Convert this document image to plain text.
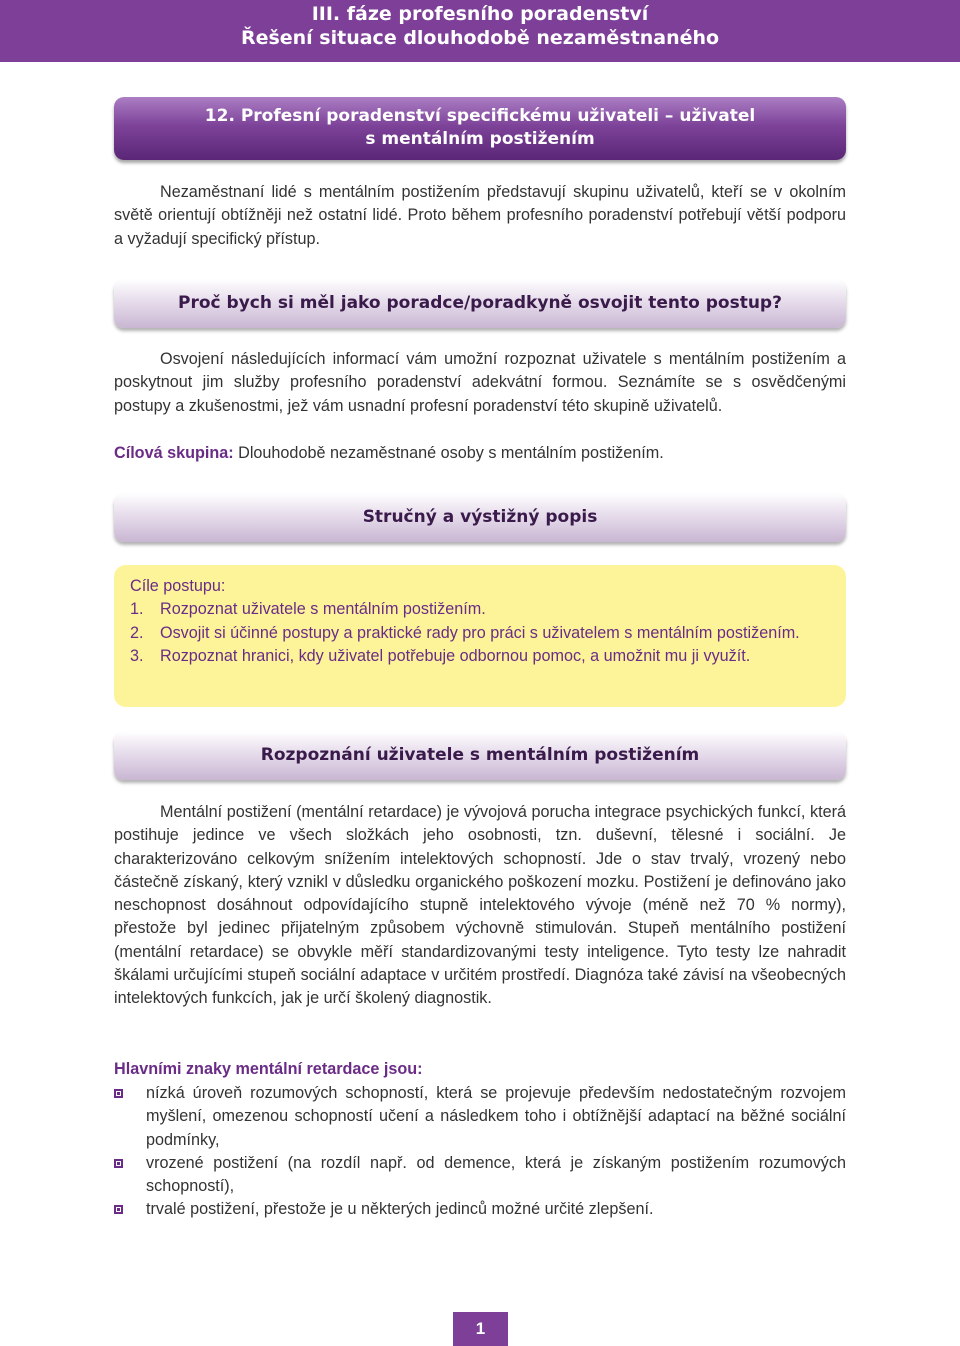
III. fáze profesního poradenství
Řešení situace dlouhodobě nezaměstnaného
12. Profesní poradenství specifickému uživateli – uživatel
s mentálním postižením

Nezaměstnaní lidé s mentálním postižením představují skupinu uživatelů, kteří se v okolním světě orientují obtížněji než ostatní lidé. Proto během profesního poradenství potřebují větší podporu a vyžadují specifický přístup.

Proč bych si měl jako poradce/poradkyně osvojit tento postup?

Osvojení následujících informací vám umožní rozpoznat uživatele s mentálním postižením a poskytnout jim služby profesního poradenství adekvátní formou. Seznámíte se s osvědčenými postupy a zkušenostmi, jež vám usnadní profesní poradenství této skupině uživatelů.

Cílová skupina: Dlouhodobě nezaměstnané osoby s mentálním postižením.

Stručný a výstižný popis
Cíle postupu:
1.	Rozpoznat uživatele s mentálním postižením.
2.	Osvojit si účinné postupy a praktické rady pro práci s uživatelem s mentálním postižením.
3.	Rozpoznat hranici, kdy uživatel potřebuje odbornou pomoc, a umožnit mu ji využít.
Rozpoznání uživatele s mentálním postižením

Mentální postižení (mentální retardace) je vývojová porucha integrace psychických funkcí, která postihuje jedince ve všech složkách jeho osobnosti, tzn. duševní, tělesné i sociální. Je charakterizováno celkovým snížením intelektových schopností. Jde o stav trvalý, vrozený nebo částečně získaný, který vznikl v důsledku organického poškození mozku. Postižení je definováno jako neschopnost dosáhnout odpovídajícího stupně intelektového vývoje (méně než 70 % normy), přestože byl jedinec přijatelným způsobem výchovně stimulován. Stupeň mentálního postižení (mentální retardace) se obvykle měří standardizovanými testy inteligence. Tyto testy lze nahradit škálami určujícími stupeň sociální adaptace v určitém prostředí. Diagnóza také závisí na všeobecných intelektových funkcích, jak je určí školený diagnostik.

Hlavními znaky mentální retardace jsou:

nízká úroveň rozumových schopností, která se projevuje především nedostatečným rozvojem myšlení, omezenou schopností učení a následkem toho i obtížnější adaptací na běžné sociální podmínky,
vrozené postižení (na rozdíl např. od demence, která je získaným postižením rozumových schopností),
trvalé postižení, přestože je u některých jedinců možné určité zlepšení.
1
